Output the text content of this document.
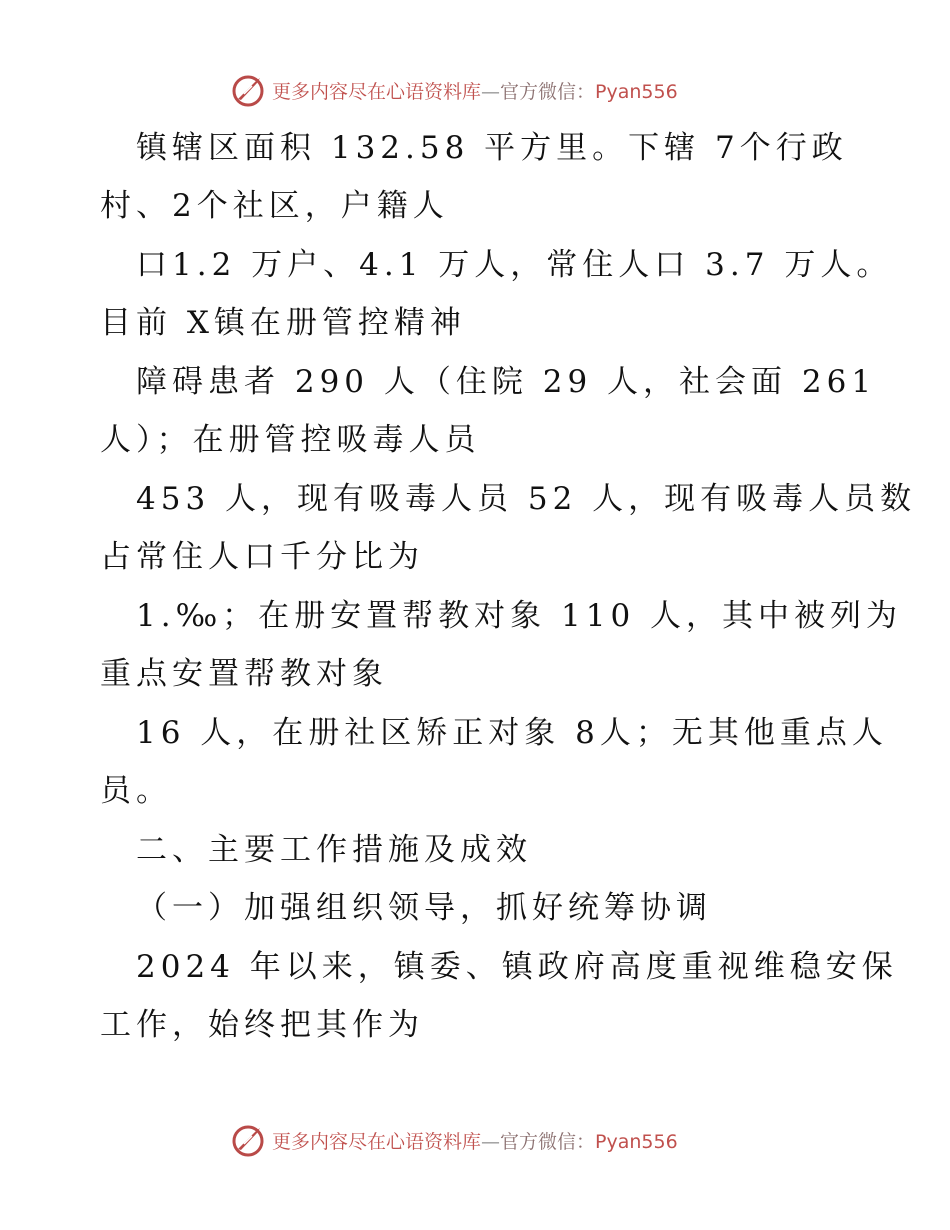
更多内容尽在心语资料库—官方微信：Pyan556
镇辖区面积 132.58 平方里。下辖 7个行政
村、2个社区，户籍人
口1.2 万户、4.1 万人，常住人口 3.7 万人。
目前 X镇在册管控精神
障碍患者 290 人（住院 29 人，社会面 261
人）；在册管控吸毒人员
453 人，现有吸毒人员 52 人，现有吸毒人员数
占常住人口千分比为
1.‰；在册安置帮教对象 110 人，其中被列为
重点安置帮教对象
16 人，在册社区矫正对象 8人；无其他重点人
员。
二、主要工作措施及成效
（一）加强组织领导，抓好统筹协调
2024 年以来，镇委、镇政府高度重视维稳安保
工作，始终把其作为
更多内容尽在心语资料库—官方微信：Pyan556
